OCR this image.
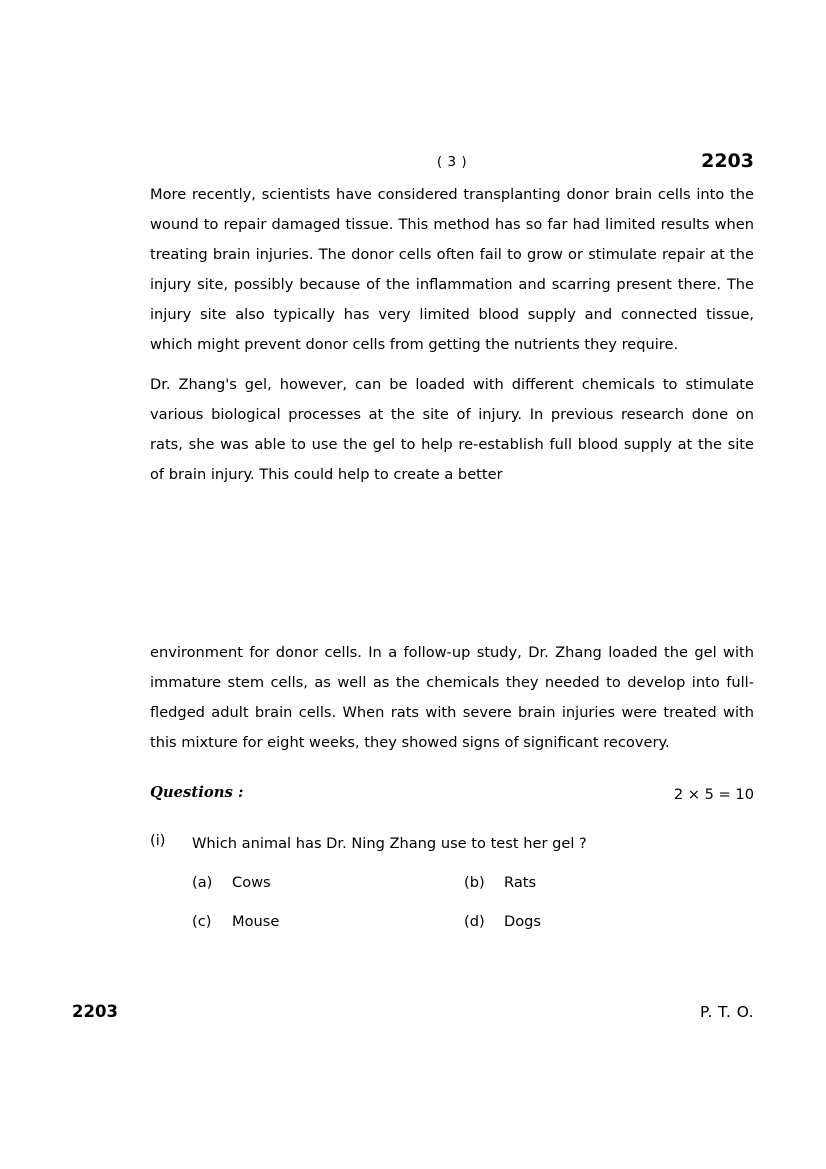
( 3 )	2203

More recently, scientists have considered transplanting donor brain cells into the wound to repair damaged tissue. This method has so far had limited results when treating brain injuries. The donor cells often fail to grow or stimulate repair at the injury site, possibly because of the inflammation and scarring present there. The injury site also typically has very limited blood supply and connected tissue, which might prevent donor cells from getting the nutrients they require.

Dr. Zhang's gel, however, can be loaded with different chemicals to stimulate various biological processes at the site of injury. In previous research done on rats, she was able to use the gel to help re-establish full blood supply at the site of brain injury. This could help to create a better

environment for donor cells. In a follow-up study, Dr. Zhang loaded the gel with immature stem cells, as well as the chemicals they needed to develop into full-fledged adult brain cells. When rats with severe brain injuries were treated with this mixture for eight weeks, they showed signs of significant recovery.

Questions :	2 × 5 = 10
(i) Which animal has Dr. Ning Zhang use to test her gel ?
(a) Cows	(b) Rats
(c) Mouse	(d) Dogs
2203	P. T. O.
